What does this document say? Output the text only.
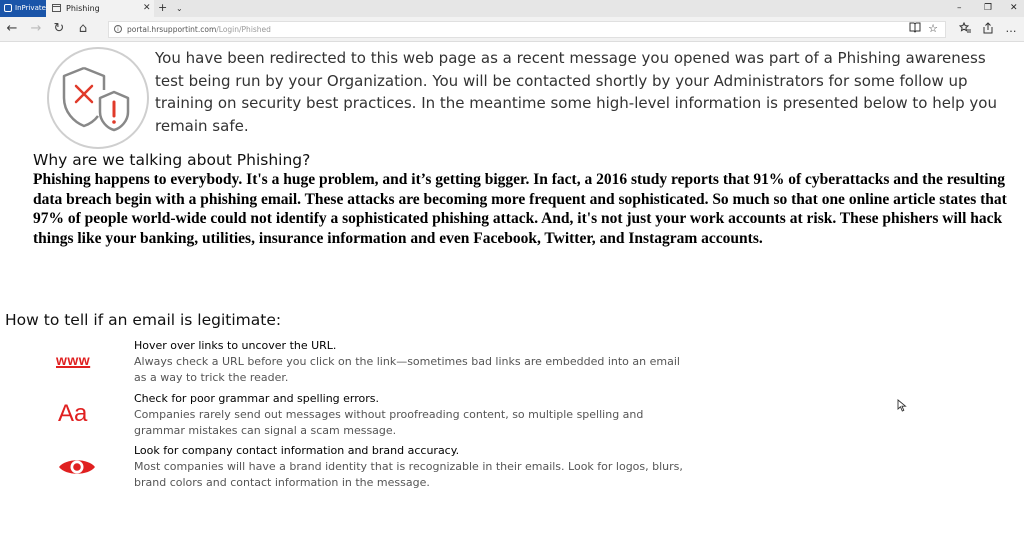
InPrivate	Phishing	✕ + ⌄	–	❐ ✕
← → ↻ ⌂	i	portal.hrsupportint.com/Login/Phished	☆	…

You have been redirected to this web page as a recent message you opened was part of a Phishing awareness test being run by your Organization. You will be contacted shortly by your Administrators for some follow up training on security best practices. In the meantime some high-level information is presented below to help you remain safe.

Why are we talking about Phishing?

Phishing happens to everybody. It's a huge problem, and it’s getting bigger. In fact, a 2016 study reports that 91% of cyberattacks and the resulting data breach begin with a phishing email. These attacks are becoming more frequent and sophisticated. So much so that one online article states that 97% of people world-wide could not identify a sophisticated phishing attack. And, it's not just your work accounts at risk. These phishers will hack things like your banking, utilities, insurance information and even Facebook, Twitter, and Instagram accounts.

How to tell if an email is legitimate:
www
Hover over links to uncover the URL.
Always check a URL before you click on the link—sometimes bad links are embedded into an email as a way to trick the reader.
Aa
Check for poor grammar and spelling errors.
Companies rarely send out messages without proofreading content, so multiple spelling and grammar mistakes can signal a scam message.
Look for company contact information and brand accuracy.
Most companies will have a brand identity that is recognizable in their emails. Look for logos, blurs, brand colors and contact information in the message.
